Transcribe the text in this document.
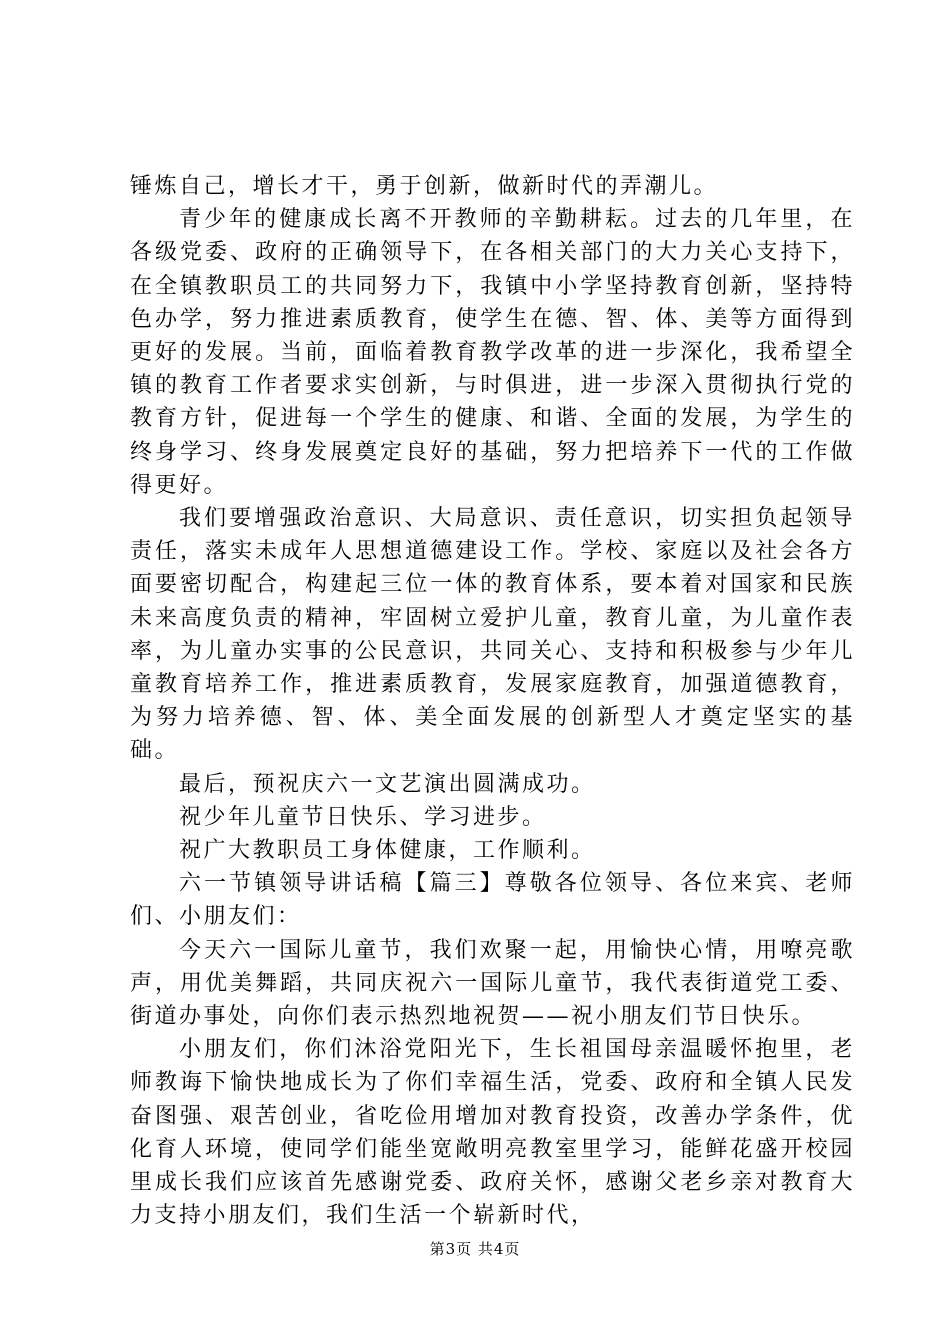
锤炼自己，增长才干，勇于创新，做新时代的弄潮儿。

青少年的健康成长离不开教师的辛勤耕耘。过去的几年里，在各级党委、政府的正确领导下，在各相关部门的大力关心支持下，在全镇教职员工的共同努力下，我镇中小学坚持教育创新，坚持特色办学，努力推进素质教育，使学生在德、智、体、美等方面得到更好的发展。当前，面临着教育教学改革的进一步深化，我希望全镇的教育工作者要求实创新，与时俱进，进一步深入贯彻执行党的教育方针，促进每一个学生的健康、和谐、全面的发展，为学生的终身学习、终身发展奠定良好的基础，努力把培养下一代的工作做得更好。

我们要增强政治意识、大局意识、责任意识，切实担负起领导责任，落实未成年人思想道德建设工作。学校、家庭以及社会各方面要密切配合，构建起三位一体的教育体系，要本着对国家和民族未来高度负责的精神，牢固树立爱护儿童，教育儿童，为儿童作表率，为儿童办实事的公民意识，共同关心、支持和积极参与少年儿童教育培养工作，推进素质教育，发展家庭教育，加强道德教育，为努力培养德、智、体、美全面发展的创新型人才奠定坚实的基础。

最后，预祝庆六一文艺演出圆满成功。

祝少年儿童节日快乐、学习进步。

祝广大教职员工身体健康，工作顺利。

六一节镇领导讲话稿【篇三】尊敬各位领导、各位来宾、老师们、小朋友们：

今天六一国际儿童节，我们欢聚一起，用愉快心情，用嘹亮歌声，用优美舞蹈，共同庆祝六一国际儿童节，我代表街道党工委、街道办事处，向你们表示热烈地祝贺——祝小朋友们节日快乐。

小朋友们，你们沐浴党阳光下，生长祖国母亲温暖怀抱里，老师教诲下愉快地成长为了你们幸福生活，党委、政府和全镇人民发奋图强、艰苦创业，省吃俭用增加对教育投资，改善办学条件，优化育人环境，使同学们能坐宽敞明亮教室里学习，能鲜花盛开校园里成长我们应该首先感谢党委、政府关怀，感谢父老乡亲对教育大力支持小朋友们，我们生活一个崭新时代，

第3页 共4页
